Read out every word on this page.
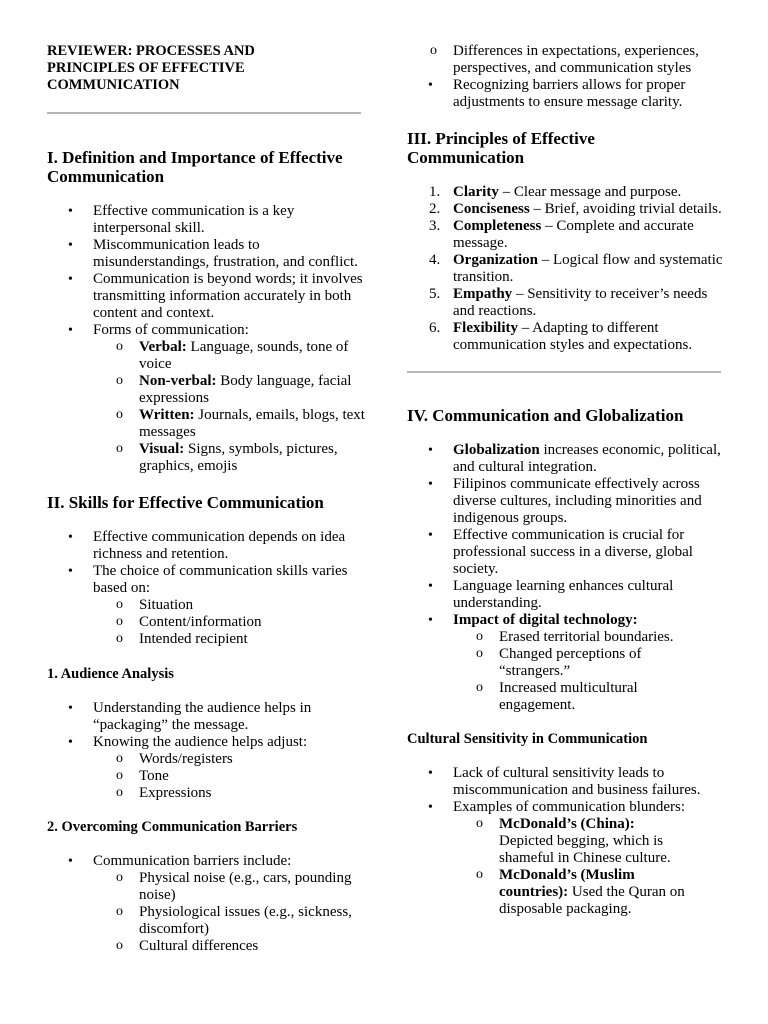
REVIEWER: PROCESSES AND PRINCIPLES OF EFFECTIVE COMMUNICATION

I. Definition and Importance of Effective Communication
• Effective communication is a key interpersonal skill.
• Miscommunication leads to misunderstandings, frustration, and conflict.
• Communication is beyond words; it involves transmitting information accurately in both content and context.
• Forms of communication:
o Verbal: Language, sounds, tone of voice
o Non-verbal: Body language, facial expressions
o Written: Journals, emails, blogs, text messages
o Visual: Signs, symbols, pictures, graphics, emojis
II. Skills for Effective Communication
• Effective communication depends on idea richness and retention.
• The choice of communication skills varies based on:
o Situation
o Content/information
o Intended recipient
1. Audience Analysis
• Understanding the audience helps in “packaging” the message.
• Knowing the audience helps adjust:
o Words/registers
o Tone
o Expressions
2. Overcoming Communication Barriers
• Communication barriers include:
o Physical noise (e.g., cars, pounding noise)
o Physiological issues (e.g., sickness, discomfort)
o Cultural differences
o Differences in expectations, experiences, perspectives, and communication styles
• Recognizing barriers allows for proper adjustments to ensure message clarity.
III. Principles of Effective Communication
1. Clarity – Clear message and purpose.
2. Conciseness – Brief, avoiding trivial details.
3. Completeness – Complete and accurate message.
4. Organization – Logical flow and systematic transition.
5. Empathy – Sensitivity to receiver’s needs and reactions.
6. Flexibility – Adapting to different communication styles and expectations.
IV. Communication and Globalization
• Globalization increases economic, political, and cultural integration.
• Filipinos communicate effectively across diverse cultures, including minorities and indigenous groups.
• Effective communication is crucial for professional success in a diverse, global society.
• Language learning enhances cultural understanding.
• Impact of digital technology:
o Erased territorial boundaries.
o Changed perceptions of “strangers.”
o Increased multicultural engagement.
Cultural Sensitivity in Communication
• Lack of cultural sensitivity leads to miscommunication and business failures.
• Examples of communication blunders:
o McDonald’s (China): Depicted begging, which is shameful in Chinese culture.
o McDonald’s (Muslim countries): Used the Quran on disposable packaging.
